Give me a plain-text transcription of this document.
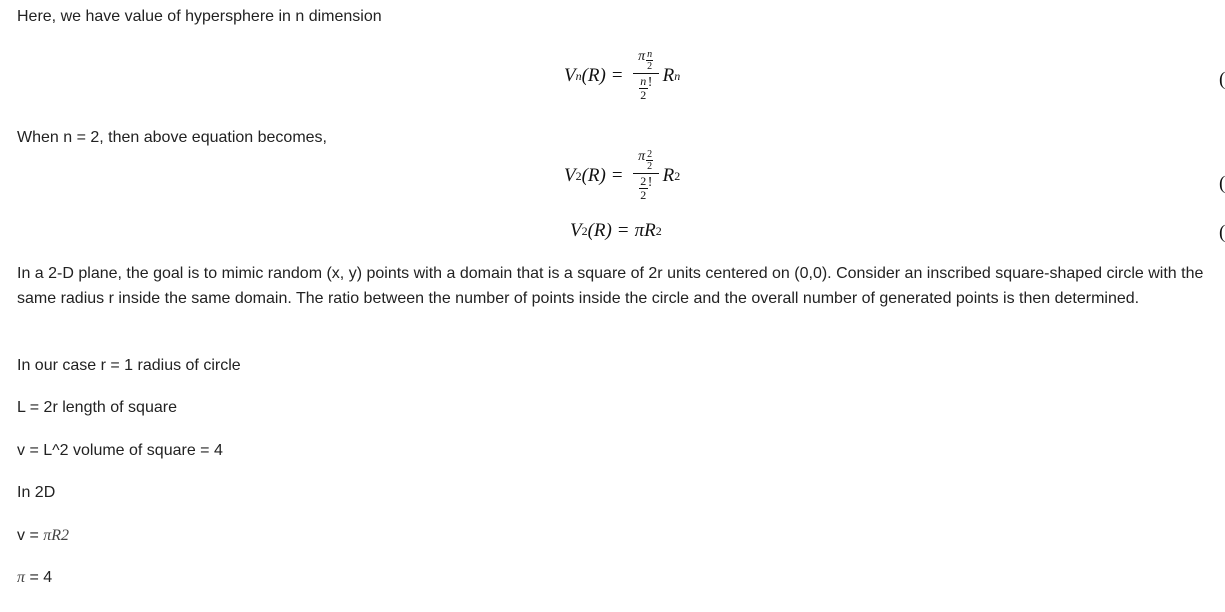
Here, we have value of hypersphere in n dimension
V n $(R) = \frac{\pi \frac{n}{2}}{\frac{n}{2} !}$ R n	(
When n = 2, then above equation becomes,
V 2 $(R) = \frac{\pi \frac{2}{2}}{\frac{2}{2} !}$ R 2	(
V 2 (R) = πR 2	(
In a 2-D plane, the goal is to mimic random (x, y) points with a domain that is a square of 2r units centered on (0,0). Consider an inscribed square-shaped circle with the same radius r inside the same domain. The ratio between the number of points inside the circle and the overall number of generated points is then determined.
In our case r = 1 radius of circle
L = 2r length of square
v = L^2 volume of square = 4
In 2D
v = πR2
π = 4
